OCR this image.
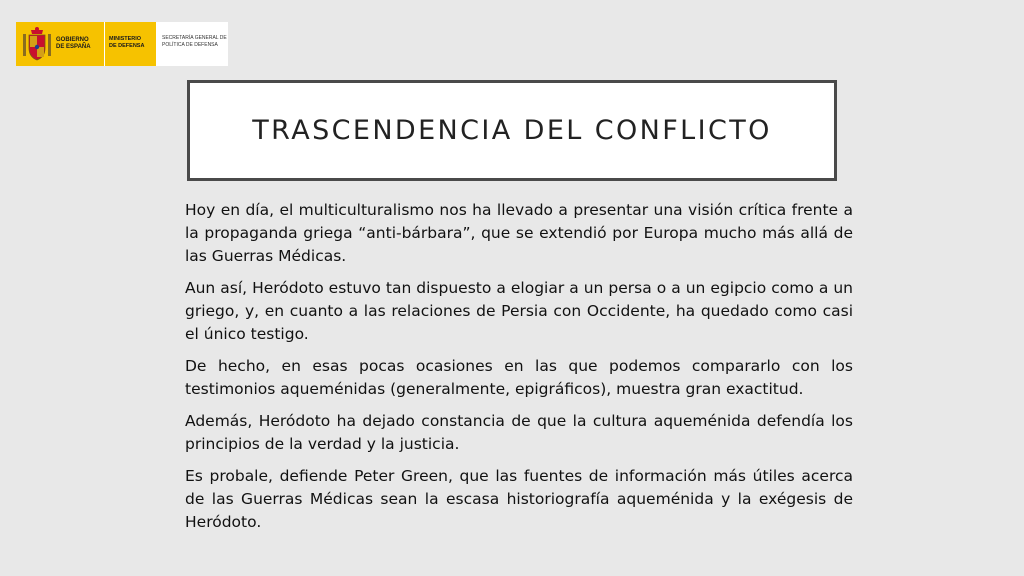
GOBIERNO
DE ESPAÑA
MINISTERIO
DE DEFENSA
SECRETARÍA GENERAL DE
POLÍTICA DE DEFENSA
TRASCENDENCIA DEL CONFLICTO

Hoy en día, el multiculturalismo nos ha llevado a presentar una visión crítica frente a la propaganda griega “anti-bárbara”, que se extendió por Europa mucho más allá de las Guerras Médicas.

Aun así, Heródoto estuvo tan dispuesto a elogiar a un persa o a un egipcio como a un griego, y, en cuanto a las relaciones de Persia con Occidente, ha quedado como casi el único testigo.

De hecho, en esas pocas ocasiones en las que podemos compararlo con los testimonios aqueménidas (generalmente, epigráficos), muestra gran exactitud.

Además, Heródoto ha dejado constancia de que la cultura aqueménida defendía los principios de la verdad y la justicia.

Es probale, defiende Peter Green, que las fuentes de información más útiles acerca de las Guerras Médicas sean la escasa historiografía aqueménida y la exégesis de Heródoto.
